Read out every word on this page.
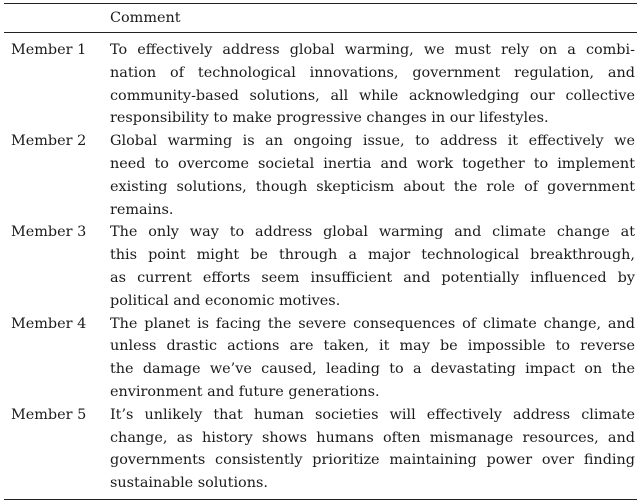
Comment
Member 1 To effectively address global warming, we must rely on a combi-
nation of technological innovations, government regulation, and
community-based solutions, all while acknowledging our collective
responsibility to make progressive changes in our lifestyles.
Member 2 Global warming is an ongoing issue, to address it effectively we
need to overcome societal inertia and work together to implement
existing solutions, though skepticism about the role of government
remains.
Member 3 The only way to address global warming and climate change at
this point might be through a major technological breakthrough,
as current efforts seem insufficient and potentially influenced by
political and economic motives.
Member 4 The planet is facing the severe consequences of climate change, and
unless drastic actions are taken, it may be impossible to reverse
the damage we’ve caused, leading to a devastating impact on the
environment and future generations.
Member 5 It’s unlikely that human societies will effectively address climate
change, as history shows humans often mismanage resources, and
governments consistently prioritize maintaining power over finding
sustainable solutions.
